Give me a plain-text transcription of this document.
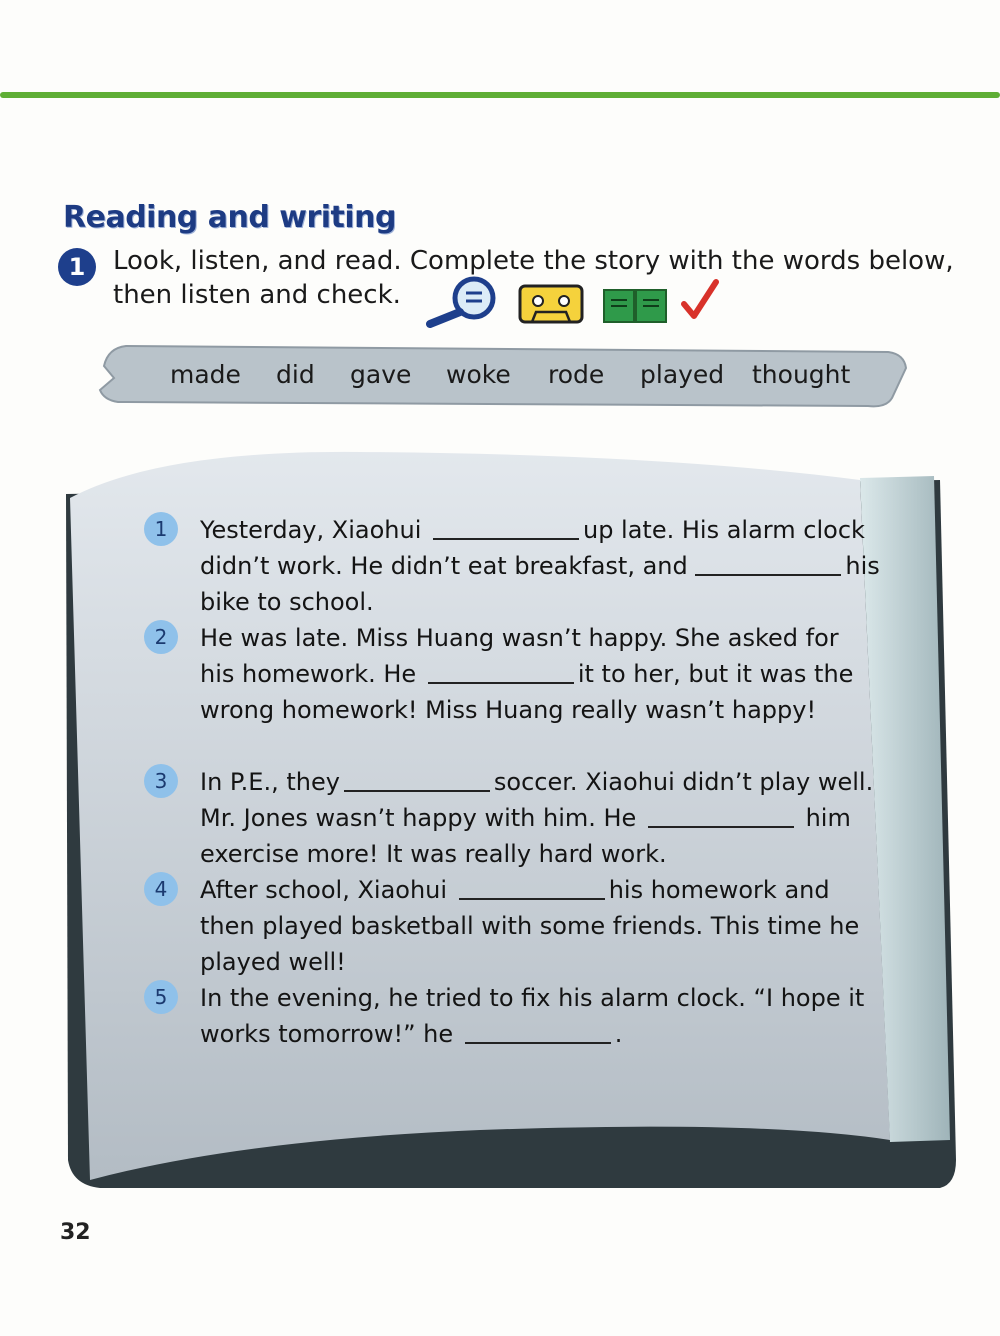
Reading and writing
1	Look, listen, and read. Complete the story with the words below,
then listen and check.
made did gave woke rode played thought
1	Yesterday, Xiaohui	up late. His alarm clock didn’t work. He didn’t eat breakfast, and	his bike to school.
2	He was late. Miss Huang wasn’t happy. She asked for his homework. He	it to her, but it was the wrong homework! Miss Huang really wasn’t happy!
3	In P.E., they	soccer. Xiaohui didn’t play well. Mr. Jones wasn’t happy with him. He	him exercise more! It was really hard work.
4	After school, Xiaohui	his homework and then played basketball with some friends. This time he played well!
5	In the evening, he tried to fix his alarm clock. “I hope it works tomorrow!” he	.
32
